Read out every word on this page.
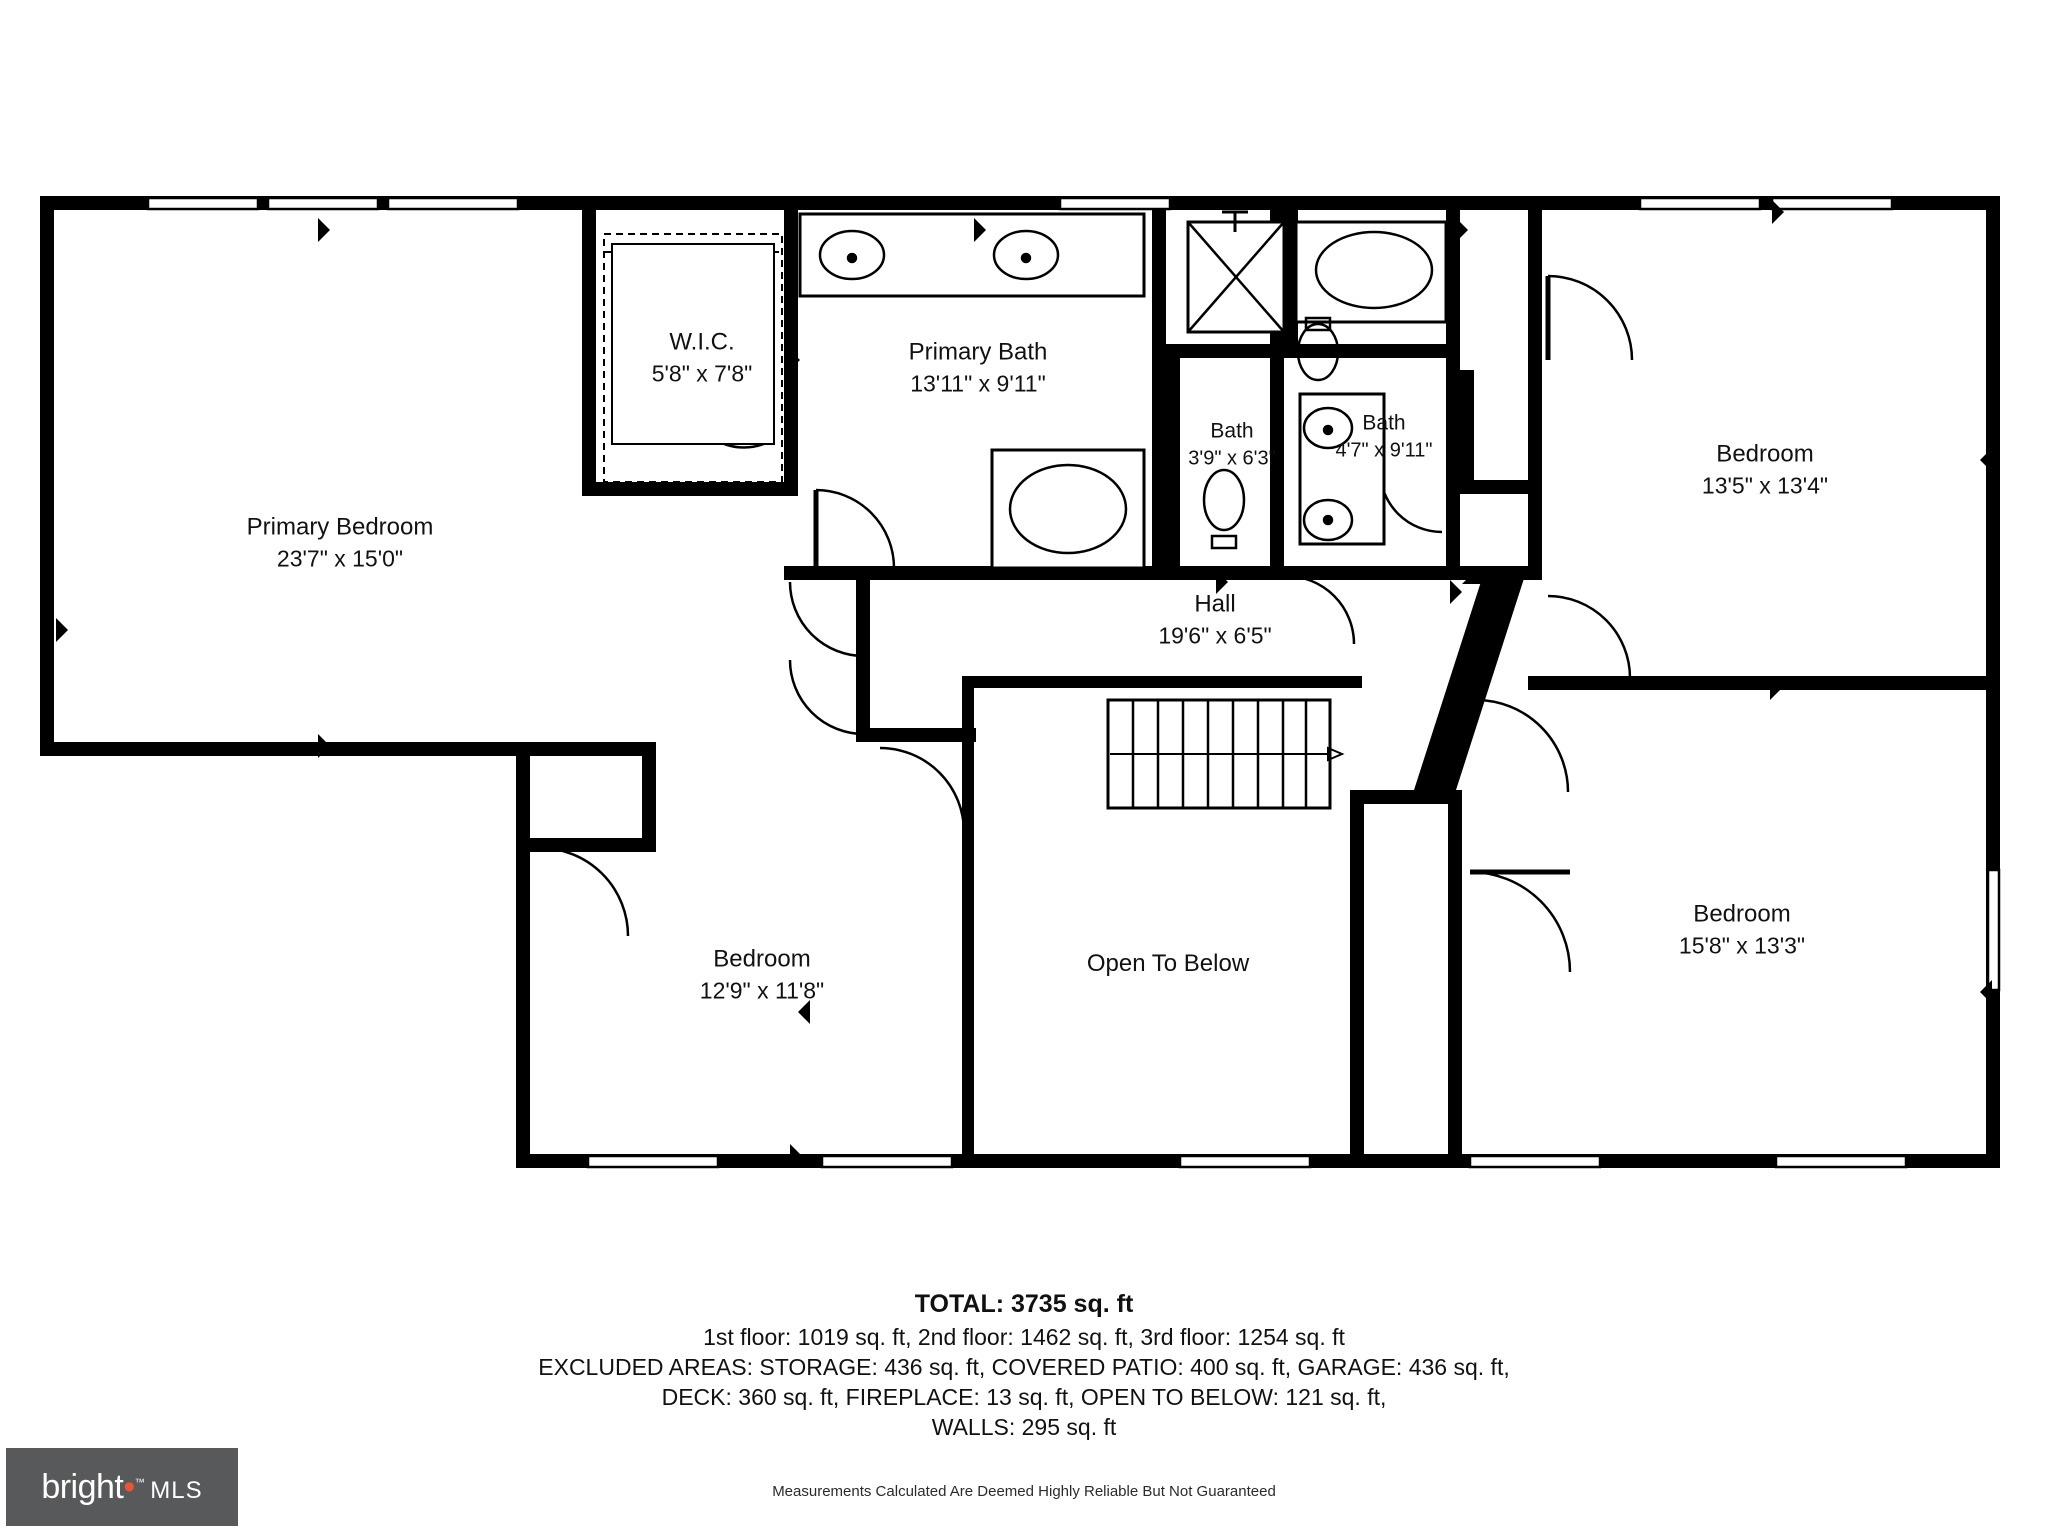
Primary Bedroom
23'7" x 15'0"
W.I.C.
5'8" x 7'8"
Primary Bath
13'11" x 9'11"
Bath
3'9" x 6'3"
Bath
4'7" x 9'11"	Bedroom
13'5" x 13'4"
Hall
19'6" x 6'5"
Bedroom
12'9" x 11'8"
Open To Below
Bedroom
15'8" x 13'3"
TOTAL: 3735 sq. ft
1st floor: 1019 sq. ft, 2nd floor: 1462 sq. ft, 3rd floor: 1254 sq. ft
EXCLUDED AREAS: STORAGE: 436 sq. ft, COVERED PATIO: 400 sq. ft, GARAGE: 436 sq. ft,
DECK: 360 sq. ft, FIREPLACE: 13 sq. ft, OPEN TO BELOW: 121 sq. ft,
WALLS: 295 sq. ft
Measurements Calculated Are Deemed Highly Reliable But Not Guaranteed
bright•™ MLS
